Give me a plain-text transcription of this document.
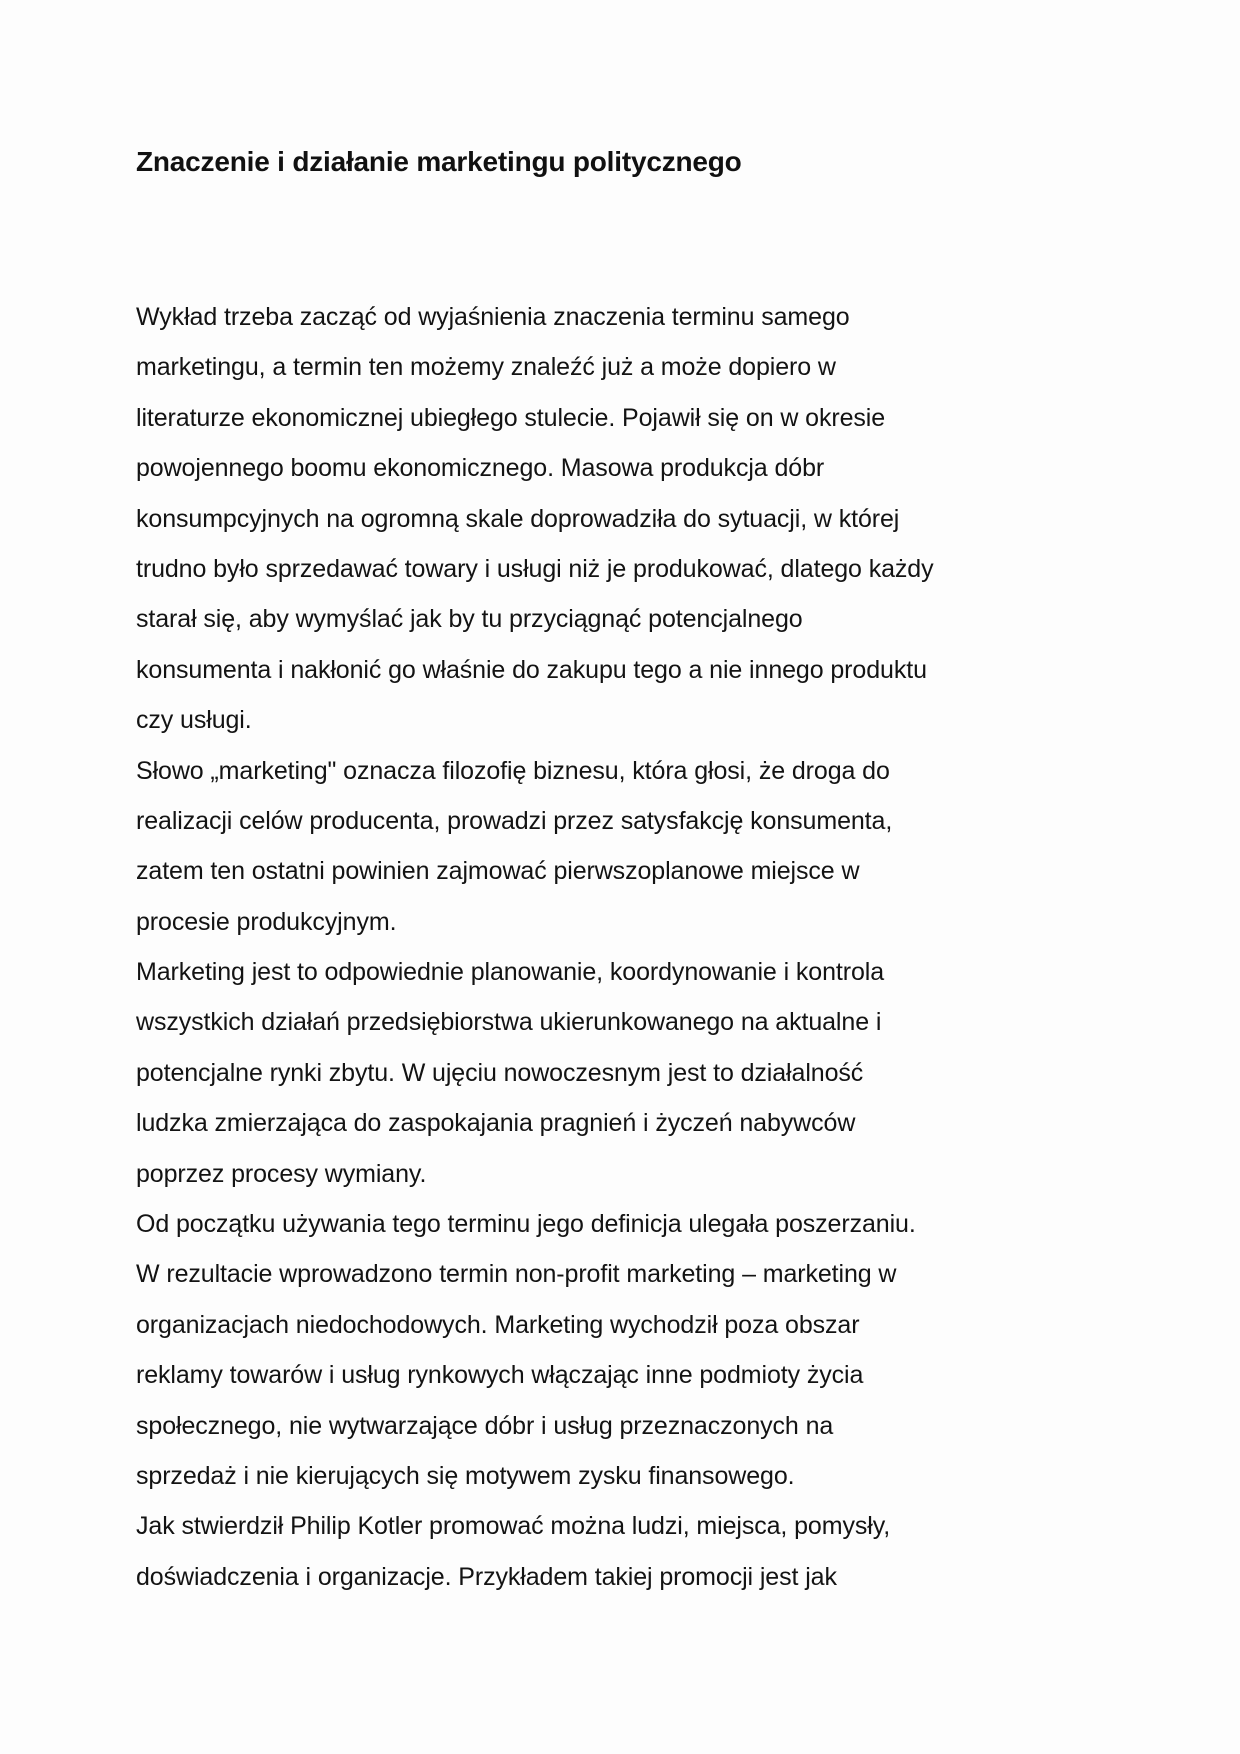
Znaczenie i działanie marketingu politycznego
Wykład trzeba zacząć od wyjaśnienia znaczenia terminu samego
marketingu, a termin ten możemy znaleźć już a może dopiero w
literaturze ekonomicznej ubiegłego stulecie. Pojawił się on w okresie
powojennego boomu ekonomicznego. Masowa produkcja dóbr
konsumpcyjnych na ogromną skale doprowadziła do sytuacji, w której
trudno było sprzedawać towary i usługi niż je produkować, dlatego każdy
starał się, aby wymyślać jak by tu przyciągnąć potencjalnego
konsumenta i nakłonić go właśnie do zakupu tego a nie innego produktu
czy usługi.
Słowo „marketing" oznacza filozofię biznesu, która głosi, że droga do
realizacji celów producenta, prowadzi przez satysfakcję konsumenta,
zatem ten ostatni powinien zajmować pierwszoplanowe miejsce w
procesie produkcyjnym.
Marketing jest to odpowiednie planowanie, koordynowanie i kontrola
wszystkich działań przedsiębiorstwa ukierunkowanego na aktualne i
potencjalne rynki zbytu. W ujęciu nowoczesnym jest to działalność
ludzka zmierzająca do zaspokajania pragnień i życzeń nabywców
poprzez procesy wymiany.
Od początku używania tego terminu jego definicja ulegała poszerzaniu.
W rezultacie wprowadzono termin non-profit marketing – marketing w
organizacjach niedochodowych. Marketing wychodził poza obszar
reklamy towarów i usług rynkowych włączając inne podmioty życia
społecznego, nie wytwarzające dóbr i usług przeznaczonych na
sprzedaż i nie kierujących się motywem zysku finansowego.
Jak stwierdził Philip Kotler promować można ludzi, miejsca, pomysły,
doświadczenia i organizacje. Przykładem takiej promocji jest jak
